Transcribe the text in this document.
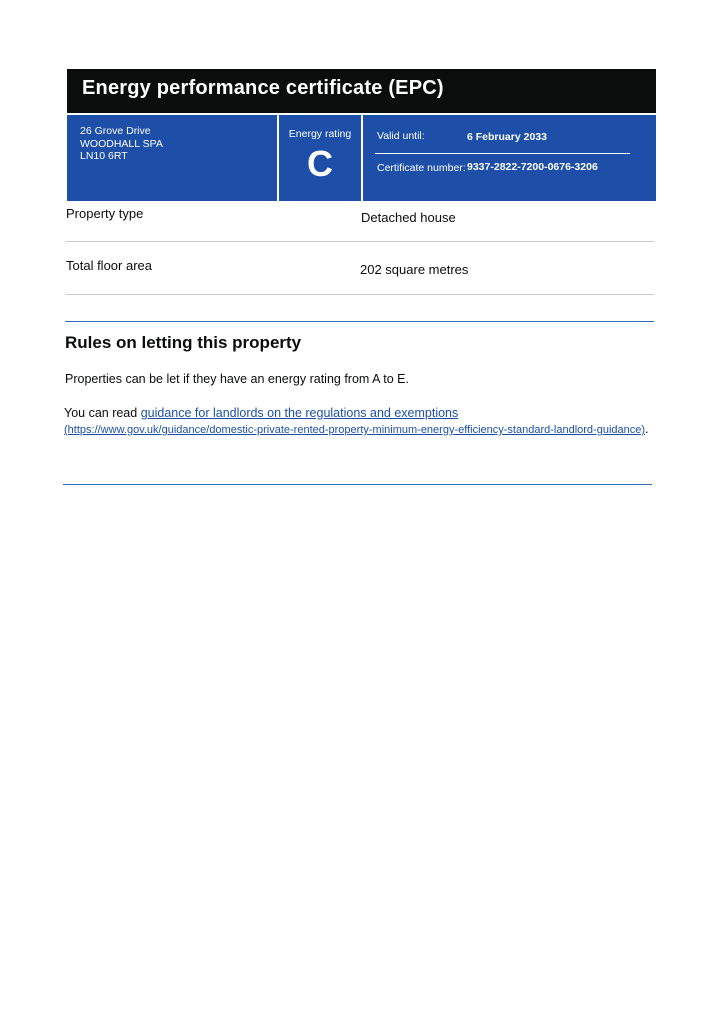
Energy performance certificate (EPC)
26 Grove Drive
WOODHALL SPA
LN10 6RT
Energy rating
C
Valid until:	6 February 2033
Certificate number: 9337-2822-7200-0676-3206
Property type	Detached house
Total floor area	202 square metres
Rules on letting this property
Properties can be let if they have an energy rating from A to E.
You can read guidance for landlords on the regulations and exemptions
(https://www.gov.uk/guidance/domestic-private-rented-property-minimum-energy-efficiency-standard-landlord-guidance).
